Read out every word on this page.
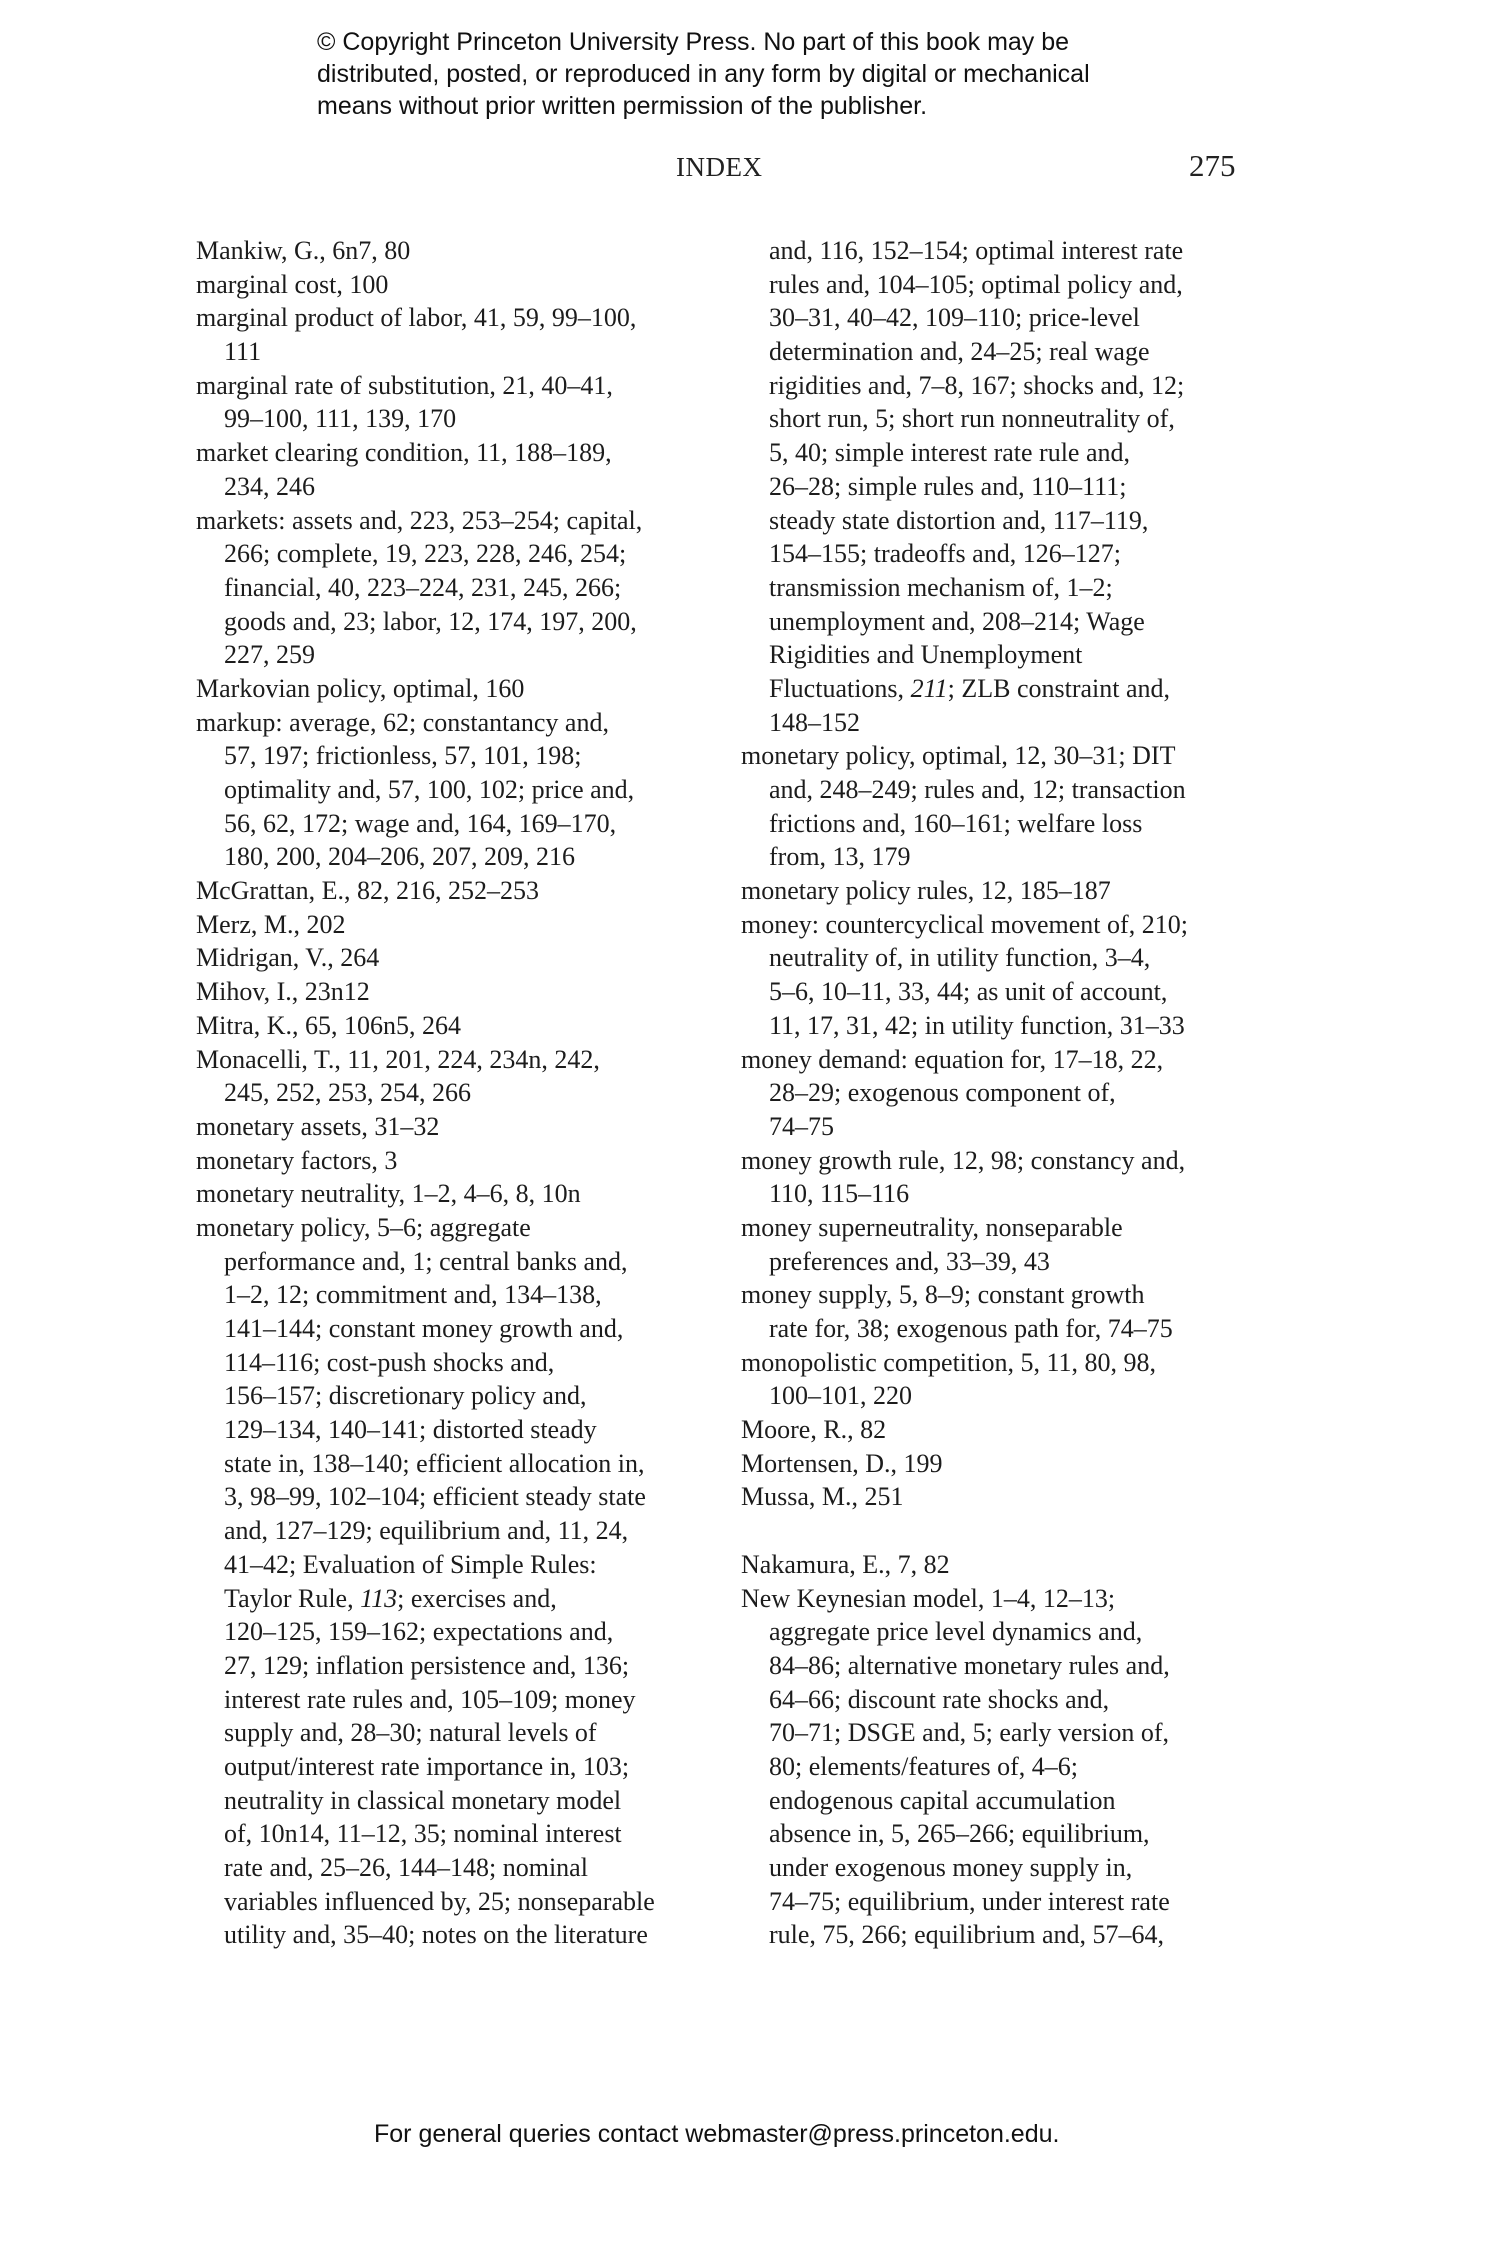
© Copyright Princeton University Press. No part of this book may be
distributed, posted, or reproduced in any form by digital or mechanical
means without prior written permission of the publisher.
INDEX	275
Mankiw, G., 6n7, 80
marginal cost, 100
marginal product of labor, 41, 59, 99–100,
111
marginal rate of substitution, 21, 40–41,
99–100, 111, 139, 170
market clearing condition, 11, 188–189,
234, 246
markets: assets and, 223, 253–254; capital,
266; complete, 19, 223, 228, 246, 254;
financial, 40, 223–224, 231, 245, 266;
goods and, 23; labor, 12, 174, 197, 200,
227, 259
Markovian policy, optimal, 160
markup: average, 62; constantancy and,
57, 197; frictionless, 57, 101, 198;
optimality and, 57, 100, 102; price and,
56, 62, 172; wage and, 164, 169–170,
180, 200, 204–206, 207, 209, 216
McGrattan, E., 82, 216, 252–253
Merz, M., 202
Midrigan, V., 264
Mihov, I., 23n12
Mitra, K., 65, 106n5, 264
Monacelli, T., 11, 201, 224, 234n, 242,
245, 252, 253, 254, 266
monetary assets, 31–32
monetary factors, 3
monetary neutrality, 1–2, 4–6, 8, 10n
monetary policy, 5–6; aggregate
performance and, 1; central banks and,
1–2, 12; commitment and, 134–138,
141–144; constant money growth and,
114–116; cost-push shocks and,
156–157; discretionary policy and,
129–134, 140–141; distorted steady
state in, 138–140; efficient allocation in,
3, 98–99, 102–104; efficient steady state
and, 127–129; equilibrium and, 11, 24,
41–42; Evaluation of Simple Rules:
Taylor Rule, 113; exercises and,
120–125, 159–162; expectations and,
27, 129; inflation persistence and, 136;
interest rate rules and, 105–109; money
supply and, 28–30; natural levels of
output/interest rate importance in, 103;
neutrality in classical monetary model
of, 10n14, 11–12, 35; nominal interest
rate and, 25–26, 144–148; nominal
variables influenced by, 25; nonseparable
utility and, 35–40; notes on the literature
and, 116, 152–154; optimal interest rate
rules and, 104–105; optimal policy and,
30–31, 40–42, 109–110; price-level
determination and, 24–25; real wage
rigidities and, 7–8, 167; shocks and, 12;
short run, 5; short run nonneutrality of,
5, 40; simple interest rate rule and,
26–28; simple rules and, 110–111;
steady state distortion and, 117–119,
154–155; tradeoffs and, 126–127;
transmission mechanism of, 1–2;
unemployment and, 208–214; Wage
Rigidities and Unemployment
Fluctuations, 211; ZLB constraint and,
148–152
monetary policy, optimal, 12, 30–31; DIT
and, 248–249; rules and, 12; transaction
frictions and, 160–161; welfare loss
from, 13, 179
monetary policy rules, 12, 185–187
money: countercyclical movement of, 210;
neutrality of, in utility function, 3–4,
5–6, 10–11, 33, 44; as unit of account,
11, 17, 31, 42; in utility function, 31–33
money demand: equation for, 17–18, 22,
28–29; exogenous component of,
74–75
money growth rule, 12, 98; constancy and,
110, 115–116
money superneutrality, nonseparable
preferences and, 33–39, 43
money supply, 5, 8–9; constant growth
rate for, 38; exogenous path for, 74–75
monopolistic competition, 5, 11, 80, 98,
100–101, 220
Moore, R., 82
Mortensen, D., 199
Mussa, M., 251
Nakamura, E., 7, 82
New Keynesian model, 1–4, 12–13;
aggregate price level dynamics and,
84–86; alternative monetary rules and,
64–66; discount rate shocks and,
70–71; DSGE and, 5; early version of,
80; elements/features of, 4–6;
endogenous capital accumulation
absence in, 5, 265–266; equilibrium,
under exogenous money supply in,
74–75; equilibrium, under interest rate
rule, 75, 266; equilibrium and, 57–64,
For general queries contact webmaster@press.princeton.edu.
